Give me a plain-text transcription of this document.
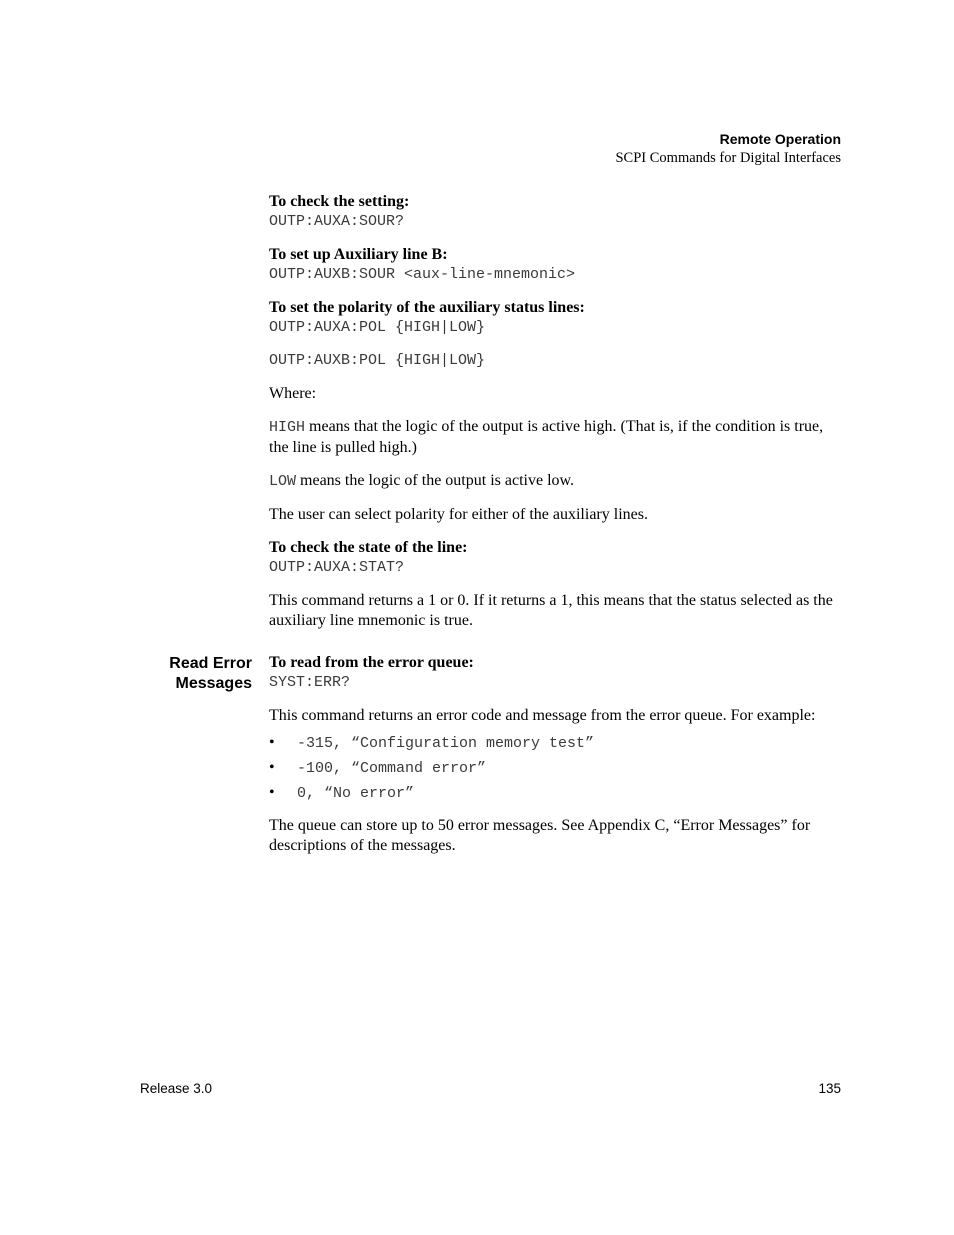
Remote Operation
SCPI Commands for Digital Interfaces
Read Error
Messages

To check the setting:

OUTP:AUXA:SOUR?

To set up Auxiliary line B:

OUTP:AUXB:SOUR <aux-line-mnemonic>

To set the polarity of the auxiliary status lines:

OUTP:AUXA:POL {HIGH|LOW}

OUTP:AUXB:POL {HIGH|LOW}

Where:

HIGH means that the logic of the output is active high. (That is, if the condition is true, the line is pulled high.)

LOW means the logic of the output is active low.

The user can select polarity for either of the auxiliary lines.

To check the state of the line:

OUTP:AUXA:STAT?

This command returns a 1 or 0. If it returns a 1, this means that the status selected as the auxiliary line mnemonic is true.

To read from the error queue:

SYST:ERR?

This command returns an error code and message from the error queue. For example:

• -315, “Configuration memory test”
• -100, “Command error”
• 0, “No error”

The queue can store up to 50 error messages. See Appendix C, “Error Messages” for descriptions of the messages.

Release 3.0	135
